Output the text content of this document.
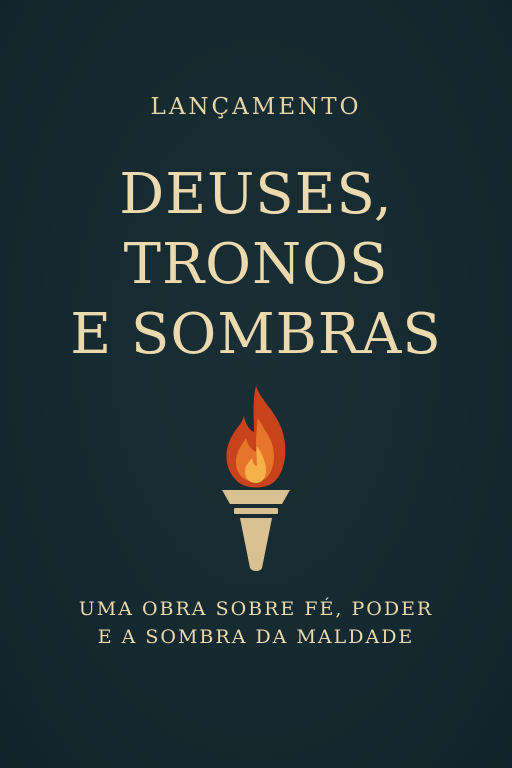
LANÇAMENTO
DEUSES,
TRONOS
E SOMBRAS
UMA OBRA SOBRE FÉ, PODER
E A SOMBRA DA MALDADE
